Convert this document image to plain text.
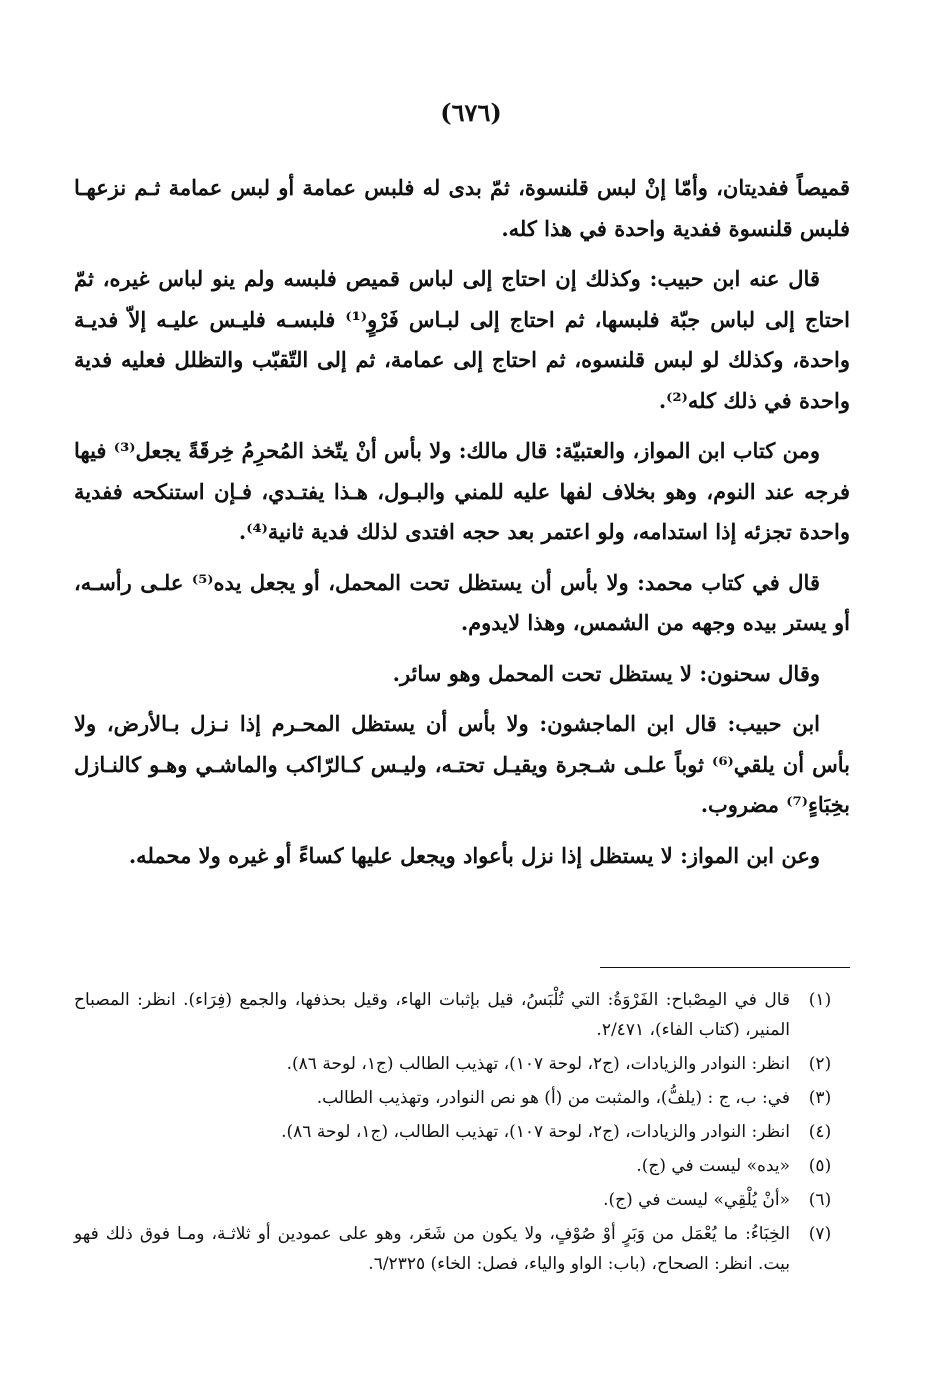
(٦٧٦)

قميصاً ففديتان، وأمّا إنْ لبس قلنسوة، ثمّ بدى له فلبس عمامة أو لبس عمامة ثـم نزعهـا فلبس قلنسوة ففدية واحدة في هذا كله.

قال عنه ابن حبيب: وكذلك إن احتاج إلى لباس قميص فلبسه ولم ينو لباس غيره، ثمّ احتاج إلى لباس جبّة فلبسها، ثم احتاج إلى لبـاس فَرْوٍ⁽¹⁾ فلبسـه فليـس عليـه إلاّ فديـة واحدة، وكذلك لو لبس قلنسوه، ثم احتاج إلى عمامة، ثم إلى التّقبّب والتظلل فعليه فدية واحدة في ذلك كله⁽²⁾.

ومن كتاب ابن المواز، والعتبيّة: قال مالك: ولا بأس أنْ يتّخذ المُحرِمُ خِرقَةً يجعل⁽³⁾ فيها فرجه عند النوم، وهو بخلاف لفها عليه للمني والبـول، هـذا يفتـدي، فـإن استنكحه ففدية واحدة تجزئه إذا استدامه، ولو اعتمر بعد حجه افتدى لذلك فدية ثانية⁽⁴⁾.

قال في كتاب محمد: ولا بأس أن يستظل تحت المحمل، أو يجعل يده⁽⁵⁾ علـى رأسـه، أو يستر بيده وجهه من الشمس، وهذا لايدوم.

وقال سحنون: لا يستظل تحت المحمل وهو سائر.

ابن حبيب: قال ابن الماجشون: ولا بأس أن يستظل المحـرم إذا نـزل بـالأرض، ولا بأس أن يلقي⁽⁶⁾ ثوباً علـى شـجرة ويقيـل تحتـه، وليـس كـالرّاكب والماشـي وهـو كالنـازل بخِبَاءٍ⁽⁷⁾ مضروب.

وعن ابن المواز: لا يستظل إذا نزل بأعواد ويجعل عليها كساءً أو غيره ولا محمله.

(١)
قال في المِصْباح: الفَرْوَةُ: التي تُلْبَسُ، قيل بإثبات الهاء، وقيل بحذفها، والجمع (فِرَاء). انظر: المصباح المنير، (كتاب الفاء)، ٢/٤٧١.
(٢)
انظر: النوادر والزيادات، (ج٢، لوحة ١٠٧)، تهذيب الطالب (ج١، لوحة ٨٦).
(٣)
في: ب، ج : (يلفُّ)، والمثبت من (أ) هو نص النوادر، وتهذيب الطالب.
(٤)
انظر: النوادر والزيادات، (ج٢، لوحة ١٠٧)، تهذيب الطالب، (ج١، لوحة ٨٦).
(٥)
«يده» ليست في (ج).
(٦)
«أنْ يُلْقِي» ليست في (ج).
(٧)
الخِبَاءُ: ما يُعْمَل من وَبَرٍ أوْ صُوْفٍ، ولا يكون من شَعَر، وهو على عمودين أو ثلاثـة، ومـا فوق ذلك فهو بيت. انظر: الصحاح، (باب: الواو والياء، فصل: الخاء) ٦/٢٣٢٥.
